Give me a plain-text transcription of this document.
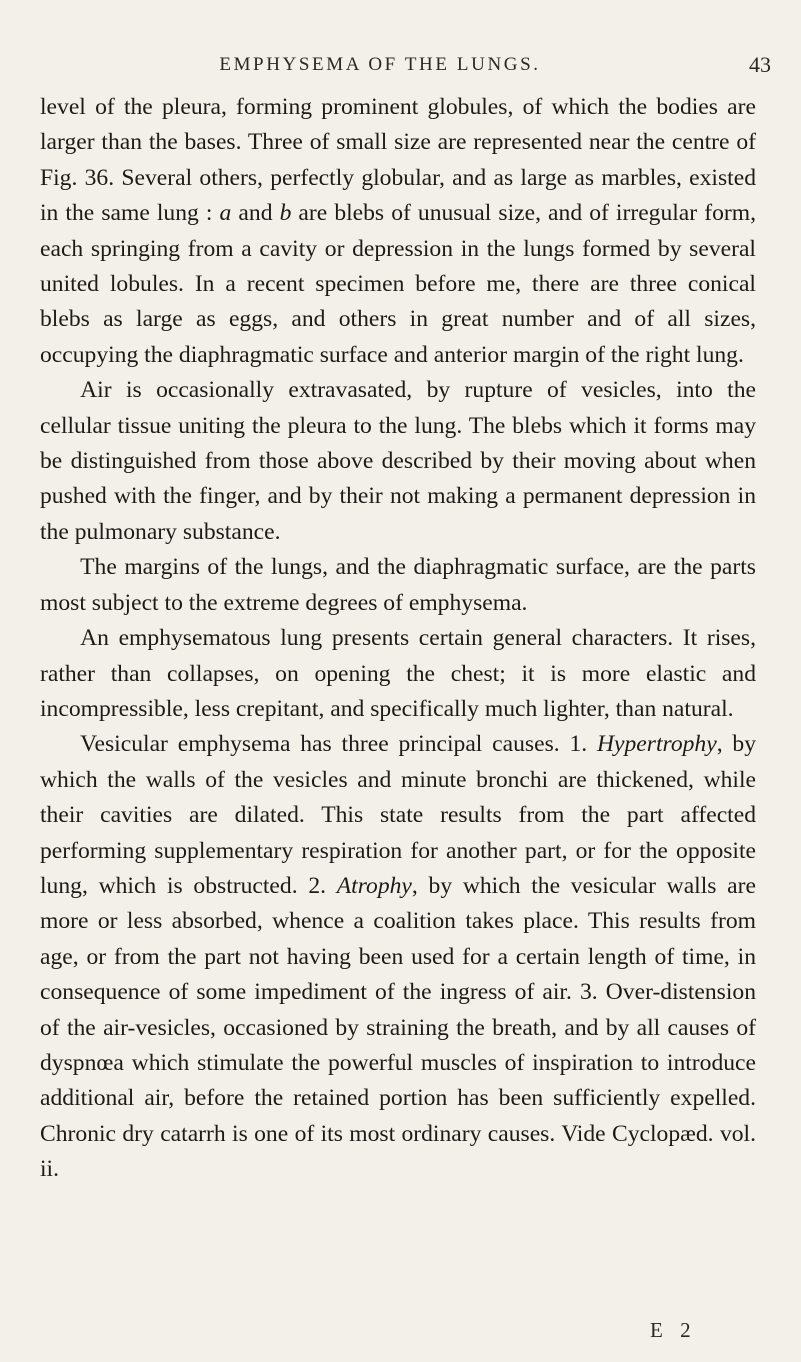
EMPHYSEMA OF THE LUNGS.	43

level of the pleura, forming prominent globules, of which the bodies are larger than the bases. Three of small size are represented near the centre of Fig. 36. Several others, perfectly globular, and as large as marbles, existed in the same lung : a and b are blebs of unusual size, and of irregular form, each springing from a cavity or depression in the lungs formed by several united lobules. In a recent specimen before me, there are three conical blebs as large as eggs, and others in great number and of all sizes, occupying the diaphragmatic surface and anterior margin of the right lung.

Air is occasionally extravasated, by rupture of vesicles, into the cellular tissue uniting the pleura to the lung. The blebs which it forms may be distinguished from those above described by their moving about when pushed with the finger, and by their not making a permanent depression in the pulmonary substance.

The margins of the lungs, and the diaphragmatic surface, are the parts most subject to the extreme degrees of emphysema.

An emphysematous lung presents certain general characters. It rises, rather than collapses, on opening the chest; it is more elastic and incompressible, less crepitant, and specifically much lighter, than natural.

Vesicular emphysema has three principal causes. 1. Hypertrophy, by which the walls of the vesicles and minute bronchi are thickened, while their cavities are dilated. This state results from the part affected performing supplementary respiration for another part, or for the opposite lung, which is obstructed. 2. Atrophy, by which the vesicular walls are more or less absorbed, whence a coalition takes place. This results from age, or from the part not having been used for a certain length of time, in consequence of some impediment of the ingress of air. 3. Over-distension of the air-vesicles, occasioned by straining the breath, and by all causes of dyspnœa which stimulate the powerful muscles of inspiration to introduce additional air, before the retained portion has been sufficiently expelled. Chronic dry catarrh is one of its most ordinary causes. Vide Cyclopæd. vol. ii.

E 2
